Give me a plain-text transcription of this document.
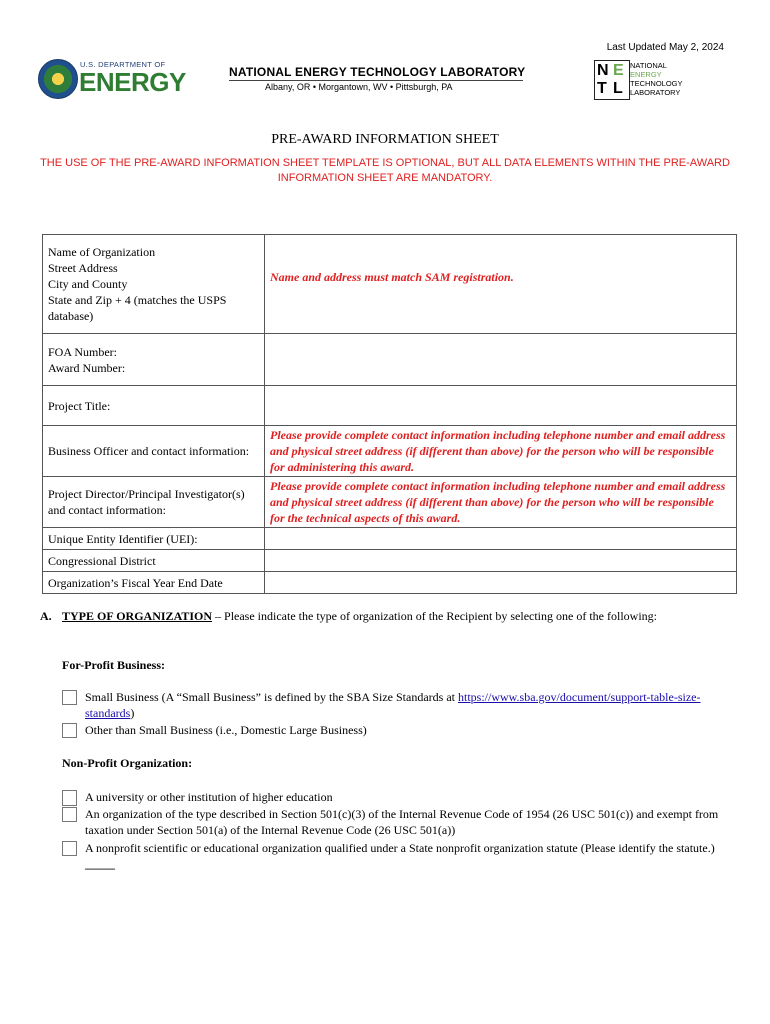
Last Updated May 2, 2024
U.S. DEPARTMENT OF
ENERGY	NATIONAL ENERGY TECHNOLOGY LABORATORY
Albany, OR • Morgantown, WV • Pittsburgh, PA
N E
T L
NATIONAL
ENERGY
TECHNOLOGY
LABORATORY
PRE-AWARD INFORMATION SHEET
THE USE OF THE PRE-AWARD INFORMATION SHEET TEMPLATE IS OPTIONAL, BUT ALL DATA ELEMENTS WITHIN THE PRE-AWARD INFORMATION SHEET ARE MANDATORY.
Name of Organization
Street Address
City and County
State and Zip + 4 (matches the USPS database)	Name and address must match SAM registration.

FOA Number:
Award Number:	

Project Title:	
Business Officer and contact information:	Please provide complete contact information including telephone number and email address and physical street address (if different than above) for the person who will be responsible for administering this award.
Project Director/Principal Investigator(s) and contact information:	Please provide complete contact information including telephone number and email address and physical street address (if different than above) for the person who will be responsible for the technical aspects of this award.
Unique Entity Identifier (UEI):	
Congressional District	
Organization’s Fiscal Year End Date	
A. TYPE OF ORGANIZATION – Please indicate the type of organization of the Recipient by selecting one of the following:
For-Profit Business:
Small Business (A “Small Business” is defined by the SBA Size Standards at https://www.sba.gov/document/support-table-size-standards)
Other than Small Business (i.e., Domestic Large Business)
Non-Profit Organization:
A university or other institution of higher education
An organization of the type described in Section 501(c)(3) of the Internal Revenue Code of 1954 (26 USC 501(c)) and exempt from taxation under Section 501(a) of the Internal Revenue Code (26 USC 501(a))
A nonprofit scientific or educational organization qualified under a State nonprofit organization statute (Please identify the statute.) _____
